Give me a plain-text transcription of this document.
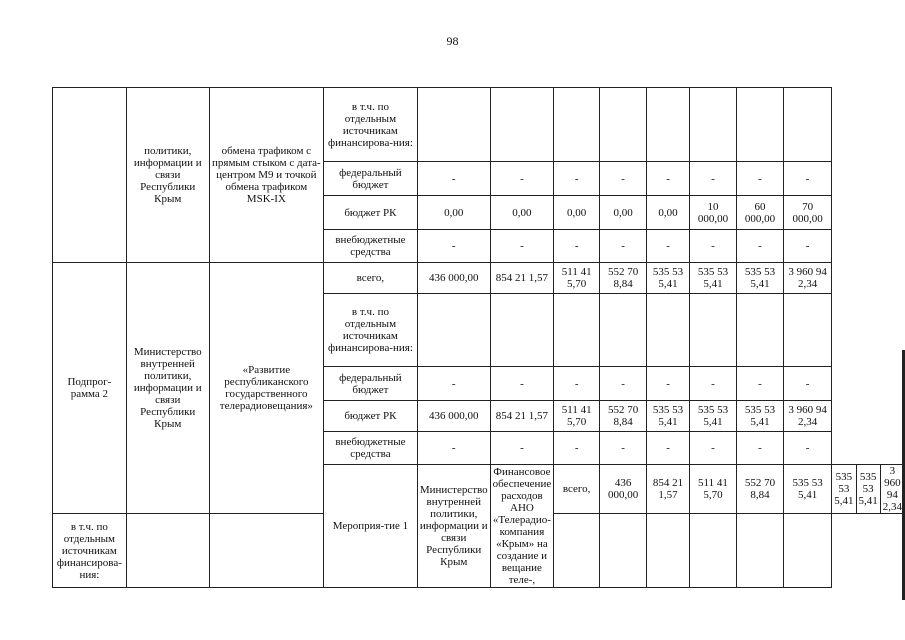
98
	политики, информации и связи Республики Крым	обмена трафиком с прямым стыком с дата-центром М9 и точкой обмена трафиком MSK-IX	в т.ч. по отдельным источникам финансирова-ния:											
			федеральный бюджет	-	-	-	-	-	-	-	-			
			бюджет РК	0,00	0,00	0,00	0,00	0,00	10 000,00	60 000,00	70 000,00			
			внебюджетные средства	-	-	-	-	-	-	-	-			
Подпрог-рамма 2	Министерство внутренней политики, информации и связи Республики Крым	«Развитие республиканского государственного телерадиовещания»	всего,	436 000,00	854 21 1,57	511 41 5,70	552 70 8,84	535 53 5,41	535 53 5,41	535 53 5,41	3 960 94 2,34			
			в т.ч. по отдельным источникам финансирова-ния:											
			федеральный бюджет	-	-	-	-	-	-	-	-			
			бюджет РК	436 000,00	854 21 1,57	511 41 5,70	552 70 8,84	535 53 5,41	535 53 5,41	535 53 5,41	3 960 94 2,34			
			внебюджетные средства	-	-	-	-	-	-	-	-			
			Мероприя-тие 1	Министерство внутренней политики, информации и связи Республики Крым	Финансовое обеспечение расходов АНО «Телерадио-компания «Крым» на создание и вещание теле-,	всего,	436 000,00	854 21 1,57	511 41 5,70	552 70 8,84	535 53 5,41	535 53 5,41	535 53 5,41	3 960 94 2,34
в т.ч. по отдельным источникам финансирова-ния:														
